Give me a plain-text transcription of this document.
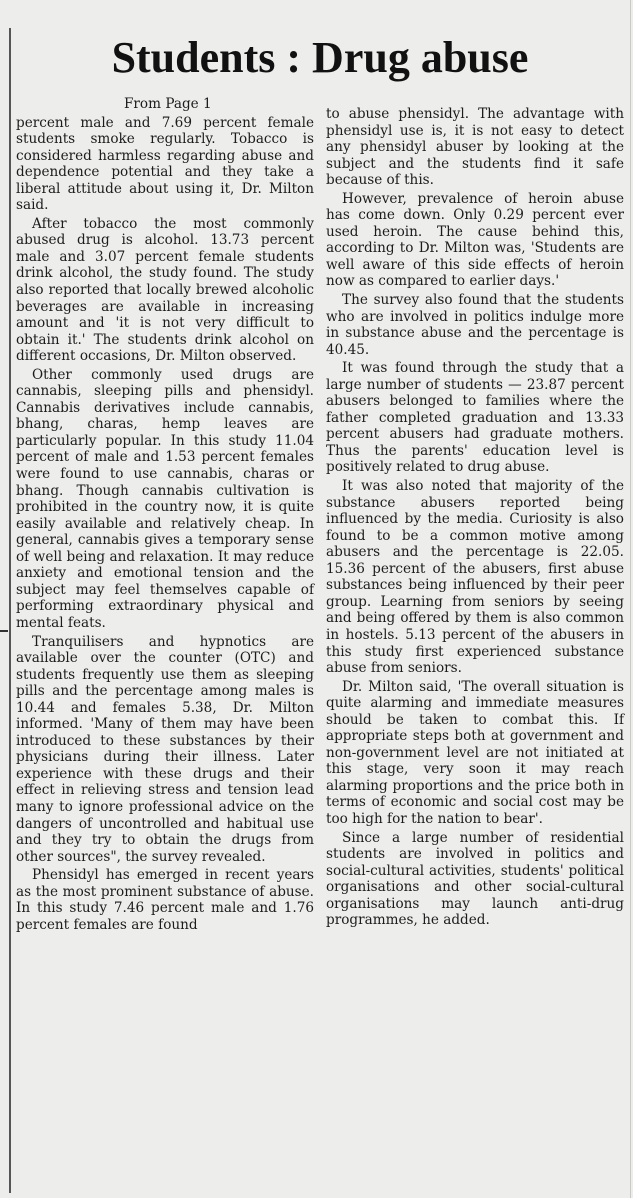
Students : Drug abuse

From Page 1

percent male and 7.69 percent female students smoke regularly. Tobacco is considered harmless regarding abuse and dependence potential and they take a liberal attitude about using it, Dr. Milton said.

After tobacco the most commonly abused drug is alcohol. 13.73 percent male and 3.07 percent female students drink alcohol, the study found. The study also reported that locally brewed alcoholic beverages are available in increasing amount and 'it is not very difficult to obtain it.' The students drink alcohol on different occasions, Dr. Milton observed.

Other commonly used drugs are cannabis, sleeping pills and phensidyl. Cannabis derivatives include cannabis, bhang, charas, hemp leaves are particularly popular. In this study 11.04 percent of male and 1.53 percent females were found to use cannabis, charas or bhang. Though cannabis cultivation is prohibited in the country now, it is quite easily available and relatively cheap. In general, cannabis gives a temporary sense of well being and relaxation. It may reduce anxiety and emotional tension and the subject may feel themselves capable of performing extraordinary physical and mental feats.

Tranquilisers and hypnotics are available over the counter (OTC) and students frequently use them as sleeping pills and the percentage among males is 10.44 and females 5.38, Dr. Milton informed. 'Many of them may have been introduced to these substances by their physicians during their illness. Later experience with these drugs and their effect in relieving stress and tension lead many to ignore professional advice on the dangers of uncontrolled and habitual use and they try to obtain the drugs from other sources", the survey revealed.

Phensidyl has emerged in recent years as the most prominent substance of abuse. In this study 7.46 percent male and 1.76 percent females are found

to abuse phensidyl. The advantage with phensidyl use is, it is not easy to detect any phensidyl abuser by looking at the subject and the students find it safe because of this.

However, prevalence of heroin abuse has come down. Only 0.29 percent ever used heroin. The cause behind this, according to Dr. Milton was, 'Students are well aware of this side effects of heroin now as compared to earlier days.'

The survey also found that the students who are involved in politics indulge more in substance abuse and the percentage is 40.45.

It was found through the study that a large number of students — 23.87 percent abusers belonged to families where the father completed graduation and 13.33 percent abusers had graduate mothers. Thus the parents' education level is positively related to drug abuse.

It was also noted that majority of the substance abusers reported being influenced by the media. Curiosity is also found to be a common motive among abusers and the percentage is 22.05. 15.36 percent of the abusers, first abuse substances being influenced by their peer group. Learning from seniors by seeing and being offered by them is also common in hostels. 5.13 percent of the abusers in this study first experienced substance abuse from seniors.

Dr. Milton said, 'The overall situation is quite alarming and immediate measures should be taken to combat this. If appropriate steps both at government and non-government level are not initiated at this stage, very soon it may reach alarming proportions and the price both in terms of economic and social cost may be too high for the nation to bear'.

Since a large number of residential students are involved in politics and social-cultural activities, students' political organisations and other social-cultural organisations may launch anti-drug programmes, he added.
